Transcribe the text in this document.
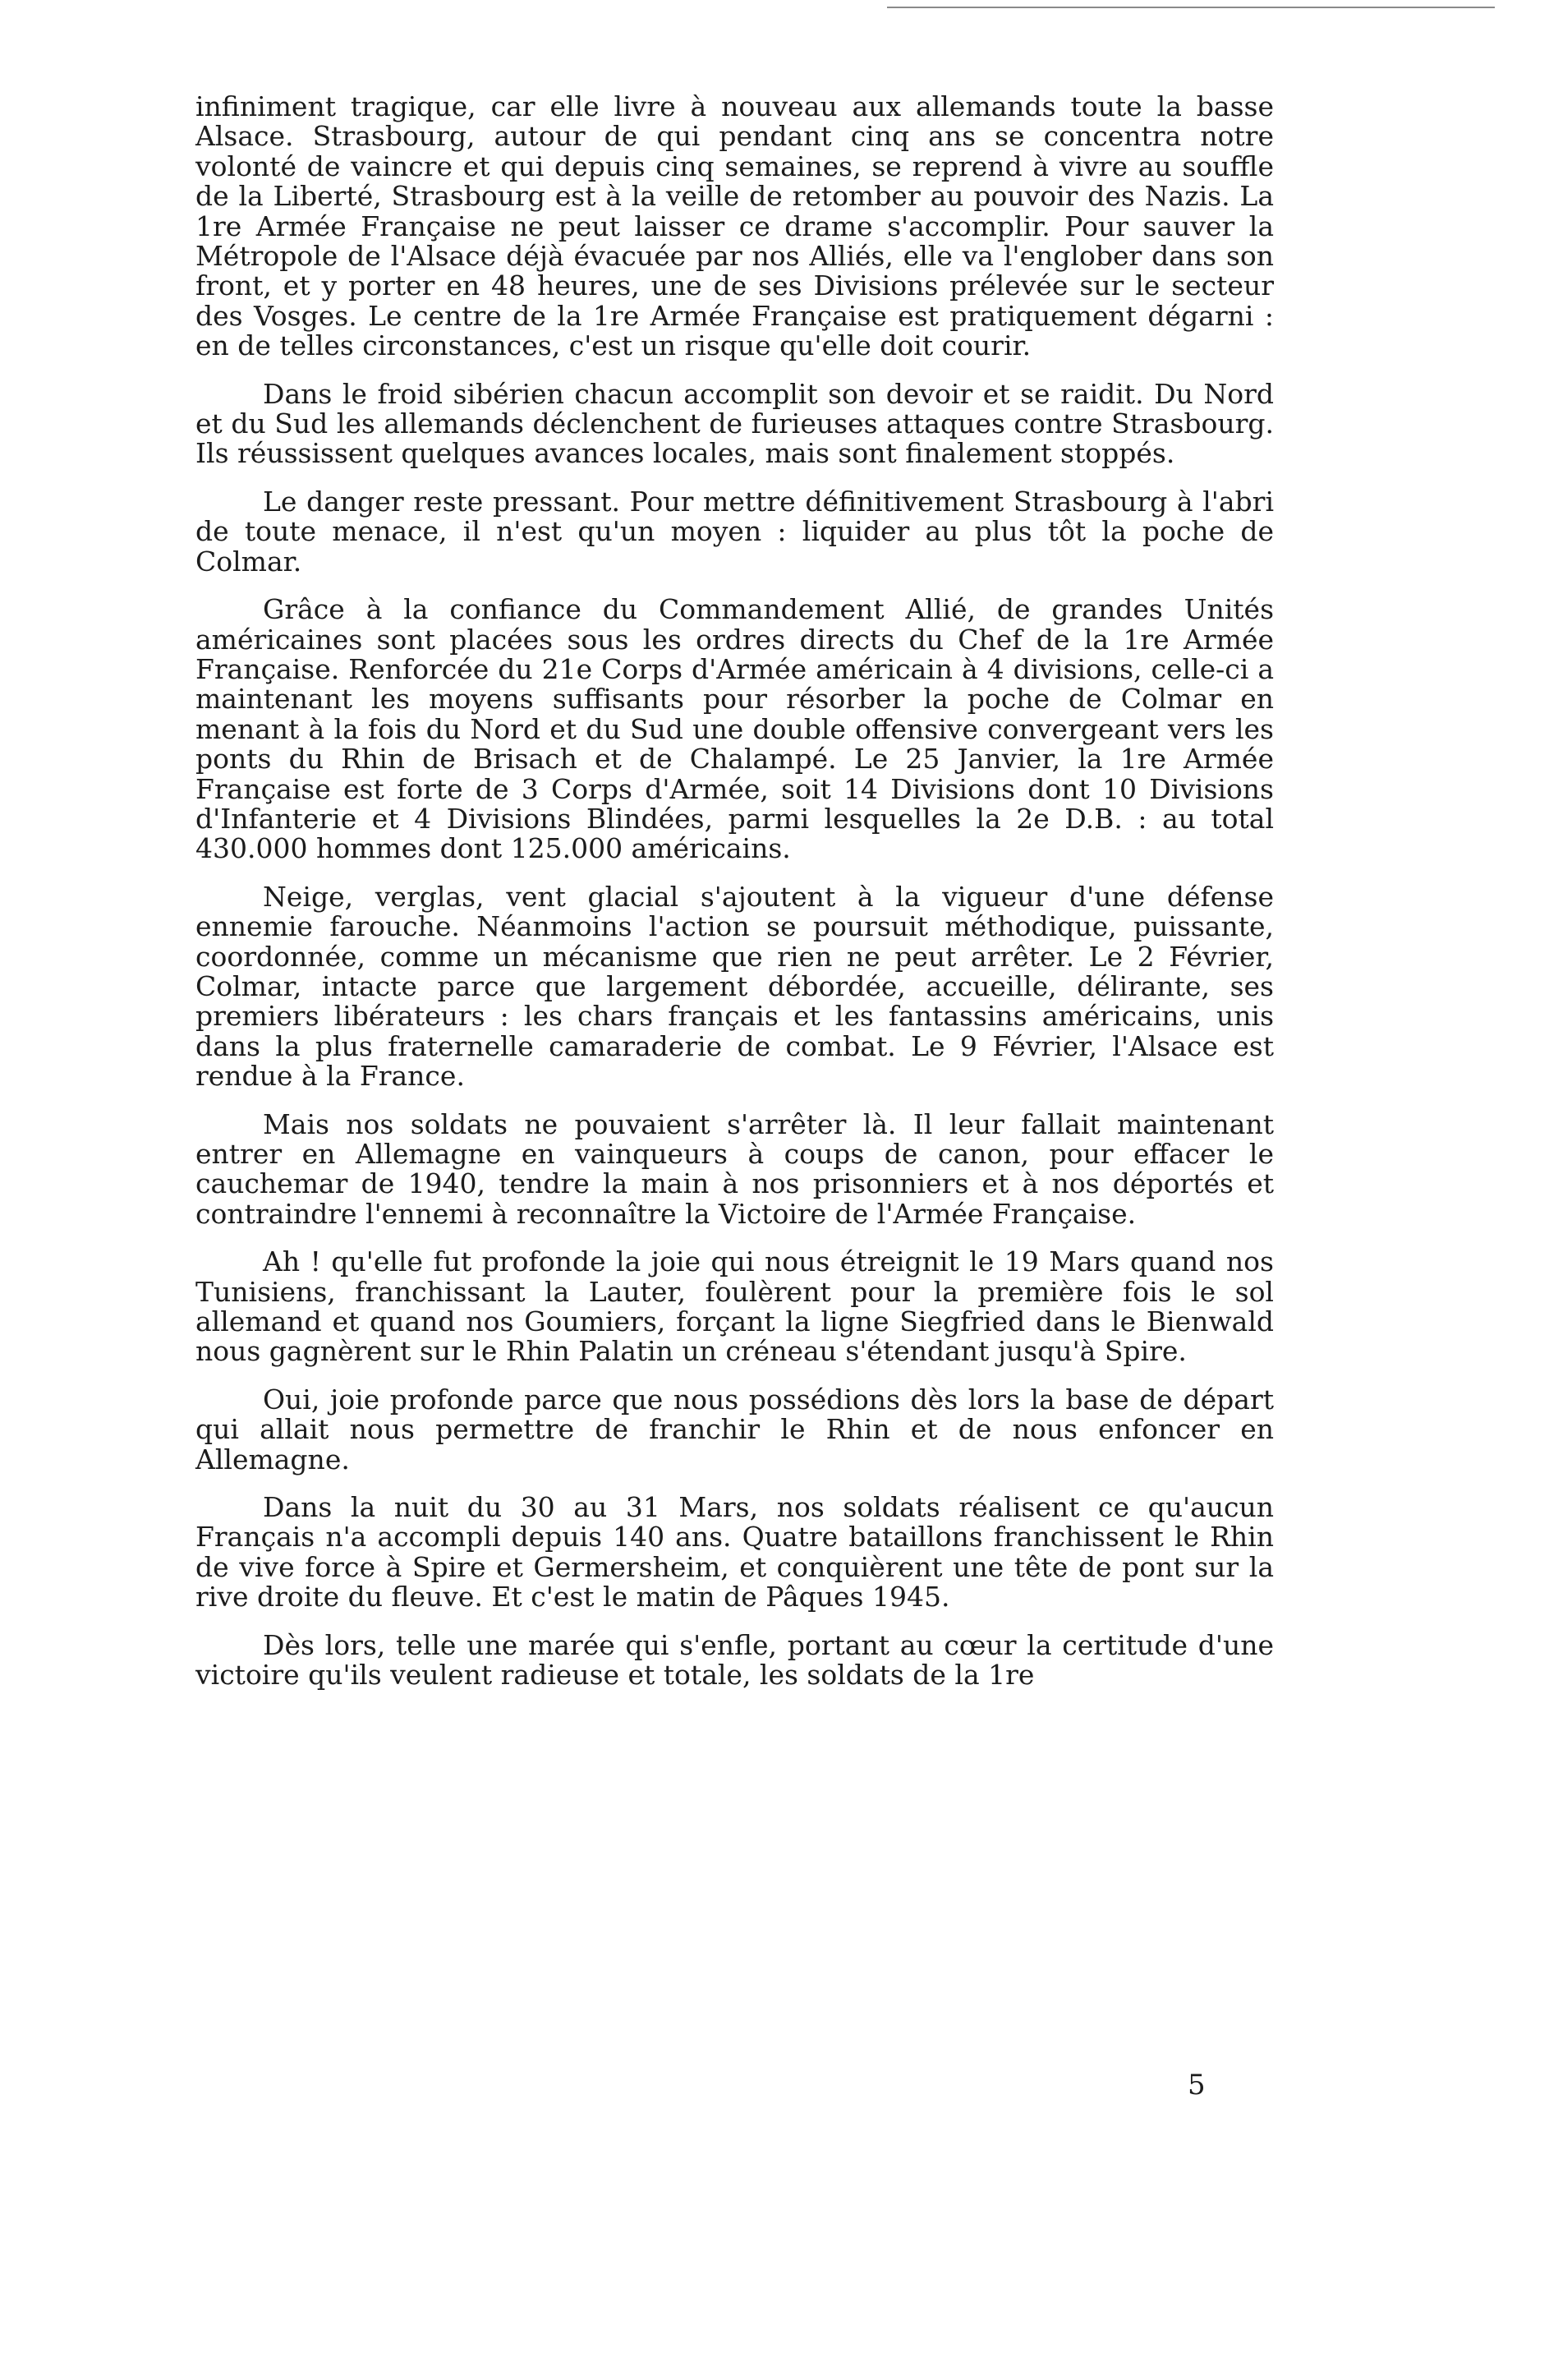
infiniment tragique, car elle livre à nouveau aux allemands toute la basse Alsace. Strasbourg, autour de qui pendant cinq ans se concentra notre volonté de vaincre et qui depuis cinq semaines, se reprend à vivre au souffle de la Liberté, Strasbourg est à la veille de retomber au pouvoir des Nazis. La 1re Armée Française ne peut laisser ce drame s'accomplir. Pour sauver la Métropole de l'Alsace déjà évacuée par nos Alliés, elle va l'englober dans son front, et y porter en 48 heures, une de ses Divisions prélevée sur le secteur des Vosges. Le centre de la 1re Armée Française est pratiquement dégarni : en de telles circonstances, c'est un risque qu'elle doit courir.

Dans le froid sibérien chacun accomplit son devoir et se raidit. Du Nord et du Sud les allemands déclenchent de furieuses attaques contre Strasbourg. Ils réussissent quelques avances locales, mais sont finalement stoppés.

Le danger reste pressant. Pour mettre définitivement Strasbourg à l'abri de toute menace, il n'est qu'un moyen : liquider au plus tôt la poche de Colmar.

Grâce à la confiance du Commandement Allié, de grandes Unités américaines sont placées sous les ordres directs du Chef de la 1re Armée Française. Renforcée du 21e Corps d'Armée américain à 4 divisions, celle-ci a maintenant les moyens suffisants pour résorber la poche de Colmar en menant à la fois du Nord et du Sud une double offensive convergeant vers les ponts du Rhin de Brisach et de Chalampé. Le 25 Janvier, la 1re Armée Française est forte de 3 Corps d'Armée, soit 14 Divisions dont 10 Divisions d'Infanterie et 4 Divisions Blindées, parmi lesquelles la 2e D.B. : au total 430.000 hommes dont 125.000 américains.

Neige, verglas, vent glacial s'ajoutent à la vigueur d'une défense ennemie farouche. Néanmoins l'action se poursuit méthodique, puissante, coordonnée, comme un mécanisme que rien ne peut arrêter. Le 2 Février, Colmar, intacte parce que largement débordée, accueille, délirante, ses premiers libérateurs : les chars français et les fantassins américains, unis dans la plus fraternelle camaraderie de combat. Le 9 Février, l'Alsace est rendue à la France.

Mais nos soldats ne pouvaient s'arrêter là. Il leur fallait maintenant entrer en Allemagne en vainqueurs à coups de canon, pour effacer le cauchemar de 1940, tendre la main à nos prisonniers et à nos déportés et contraindre l'ennemi à reconnaître la Victoire de l'Armée Française.

Ah ! qu'elle fut profonde la joie qui nous étreignit le 19 Mars quand nos Tunisiens, franchissant la Lauter, foulèrent pour la première fois le sol allemand et quand nos Goumiers, forçant la ligne Siegfried dans le Bienwald nous gagnèrent sur le Rhin Palatin un créneau s'étendant jusqu'à Spire.

Oui, joie profonde parce que nous possédions dès lors la base de départ qui allait nous permettre de franchir le Rhin et de nous enfoncer en Allemagne.

Dans la nuit du 30 au 31 Mars, nos soldats réalisent ce qu'aucun Français n'a accompli depuis 140 ans. Quatre bataillons franchissent le Rhin de vive force à Spire et Germersheim, et conquièrent une tête de pont sur la rive droite du fleuve. Et c'est le matin de Pâques 1945.

Dès lors, telle une marée qui s'enfle, portant au cœur la certitude d'une victoire qu'ils veulent radieuse et totale, les soldats de la 1re

5
